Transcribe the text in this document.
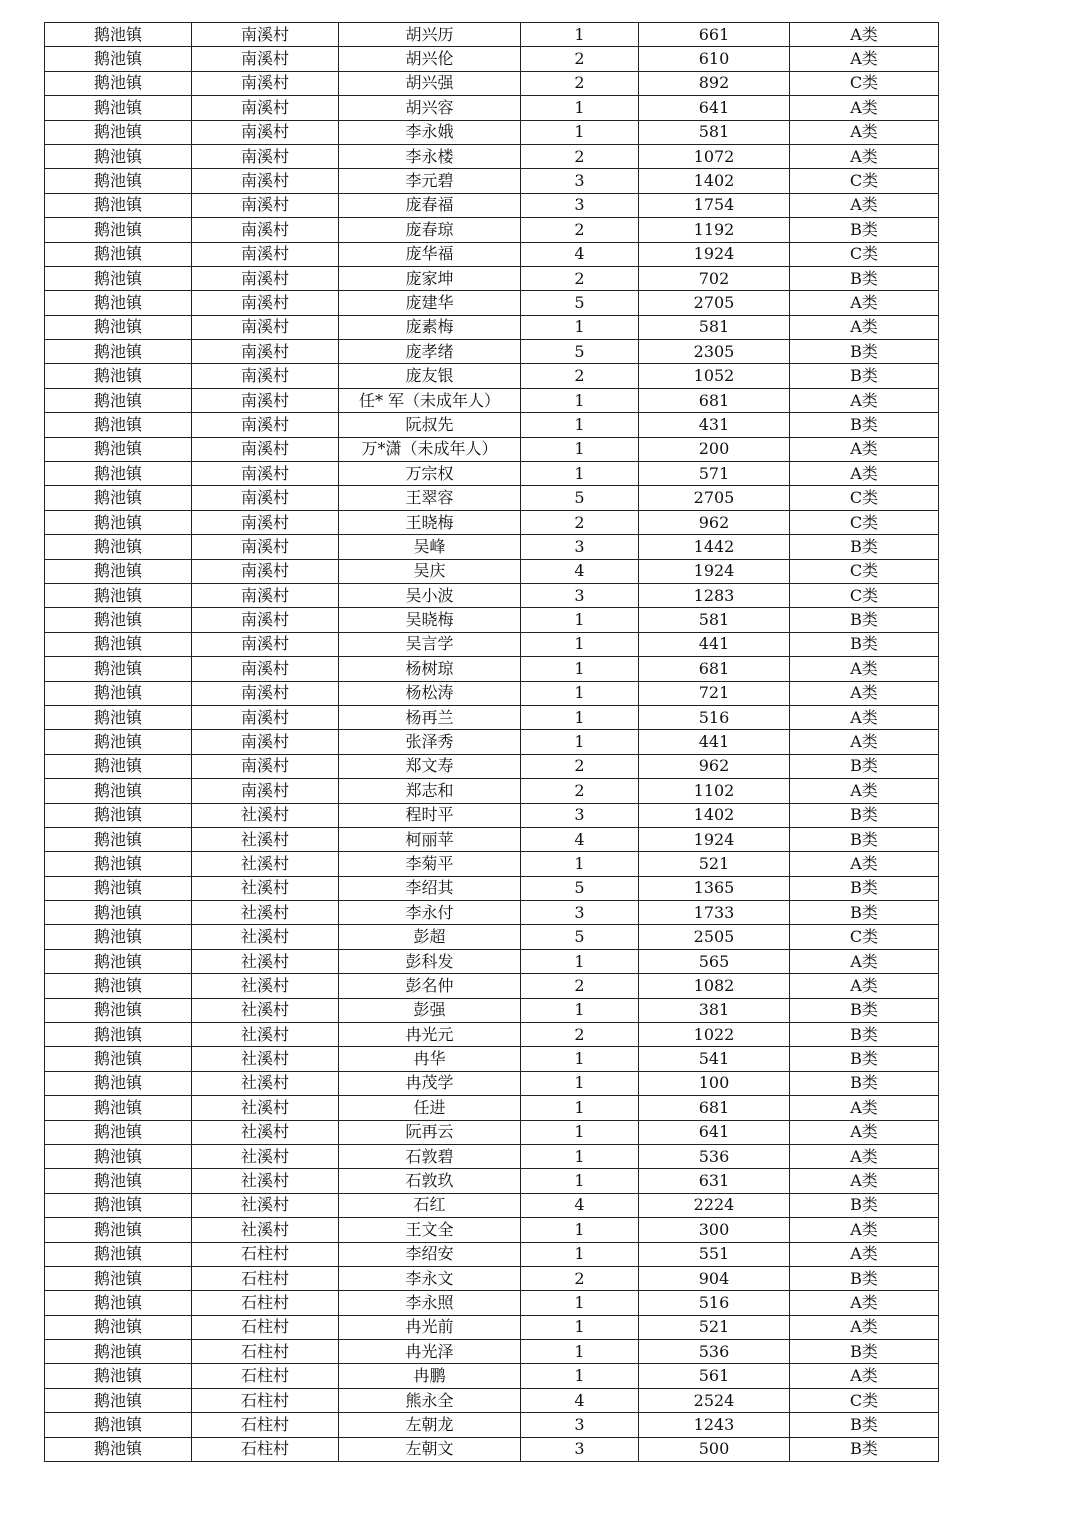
鹅池镇	南溪村	胡兴历	1	661	A类
鹅池镇	南溪村	胡兴伦	2	610	A类
鹅池镇	南溪村	胡兴强	2	892	C类
鹅池镇	南溪村	胡兴容	1	641	A类
鹅池镇	南溪村	李永娥	1	581	A类
鹅池镇	南溪村	李永楼	2	1072	A类
鹅池镇	南溪村	李元碧	3	1402	C类
鹅池镇	南溪村	庞春福	3	1754	A类
鹅池镇	南溪村	庞春琼	2	1192	B类
鹅池镇	南溪村	庞华福	4	1924	C类
鹅池镇	南溪村	庞家坤	2	702	B类
鹅池镇	南溪村	庞建华	5	2705	A类
鹅池镇	南溪村	庞素梅	1	581	A类
鹅池镇	南溪村	庞孝绪	5	2305	B类
鹅池镇	南溪村	庞友银	2	1052	B类
鹅池镇	南溪村	任* 军（未成年人）	1	681	A类
鹅池镇	南溪村	阮叔先	1	431	B类
鹅池镇	南溪村	万*潇（未成年人）	1	200	A类
鹅池镇	南溪村	万宗权	1	571	A类
鹅池镇	南溪村	王翠容	5	2705	C类
鹅池镇	南溪村	王晓梅	2	962	C类
鹅池镇	南溪村	吴峰	3	1442	B类
鹅池镇	南溪村	吴庆	4	1924	C类
鹅池镇	南溪村	吴小波	3	1283	C类
鹅池镇	南溪村	吴晓梅	1	581	B类
鹅池镇	南溪村	吴言学	1	441	B类
鹅池镇	南溪村	杨树琼	1	681	A类
鹅池镇	南溪村	杨松涛	1	721	A类
鹅池镇	南溪村	杨再兰	1	516	A类
鹅池镇	南溪村	张泽秀	1	441	A类
鹅池镇	南溪村	郑文寿	2	962	B类
鹅池镇	南溪村	郑志和	2	1102	A类
鹅池镇	社溪村	程时平	3	1402	B类
鹅池镇	社溪村	柯丽苹	4	1924	B类
鹅池镇	社溪村	李菊平	1	521	A类
鹅池镇	社溪村	李绍其	5	1365	B类
鹅池镇	社溪村	李永付	3	1733	B类
鹅池镇	社溪村	彭超	5	2505	C类
鹅池镇	社溪村	彭科发	1	565	A类
鹅池镇	社溪村	彭名仲	2	1082	A类
鹅池镇	社溪村	彭强	1	381	B类
鹅池镇	社溪村	冉光元	2	1022	B类
鹅池镇	社溪村	冉华	1	541	B类
鹅池镇	社溪村	冉茂学	1	100	B类
鹅池镇	社溪村	任进	1	681	A类
鹅池镇	社溪村	阮再云	1	641	A类
鹅池镇	社溪村	石敦碧	1	536	A类
鹅池镇	社溪村	石敦玖	1	631	A类
鹅池镇	社溪村	石红	4	2224	B类
鹅池镇	社溪村	王文全	1	300	A类
鹅池镇	石柱村	李绍安	1	551	A类
鹅池镇	石柱村	李永文	2	904	B类
鹅池镇	石柱村	李永照	1	516	A类
鹅池镇	石柱村	冉光前	1	521	A类
鹅池镇	石柱村	冉光泽	1	536	B类
鹅池镇	石柱村	冉鹏	1	561	A类
鹅池镇	石柱村	熊永全	4	2524	C类
鹅池镇	石柱村	左朝龙	3	1243	B类
鹅池镇	石柱村	左朝文	3	500	B类
